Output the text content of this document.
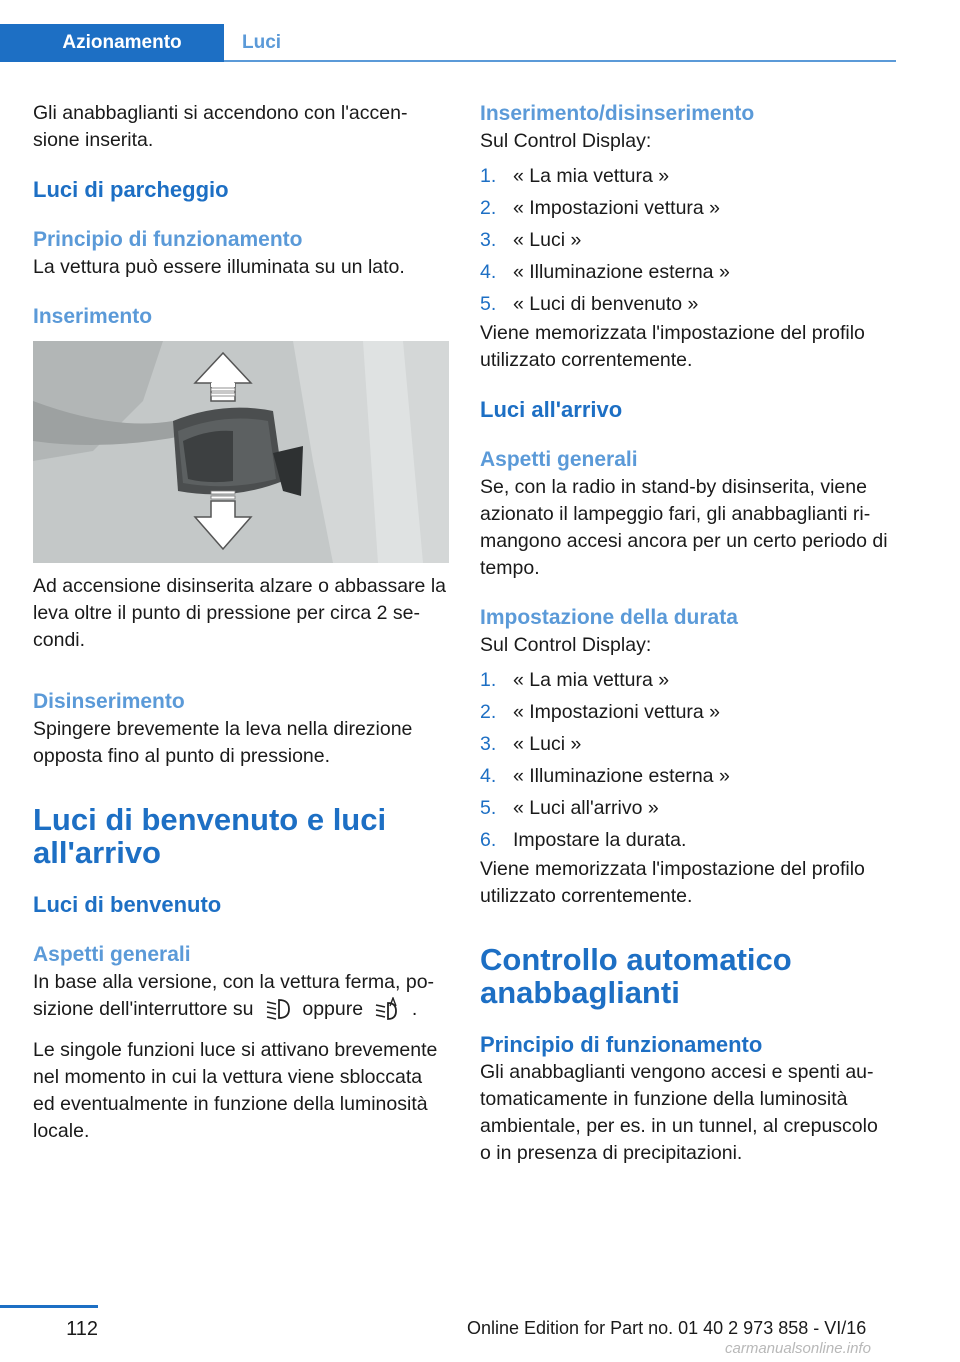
Azionamento	Luci

Gli anabbaglianti si accendono con l'accen-

sione inserita.

Luci di parcheggio
Principio di funzionamento

La vettura può essere illuminata su un lato.

Inserimento

Ad accensione disinserita alzare o abbassare la

leva oltre il punto di pressione per circa 2 se-

condi.

Disinserimento

Spingere brevemente la leva nella direzione

opposta fino al punto di pressione.

Luci di benvenuto e luci
all'arrivo
Luci di benvenuto
Aspetti generali

In base alla versione, con la vettura ferma, po-

sizione dell'interruttore su	oppure	.

Le singole funzioni luce si attivano brevemente

nel momento in cui la vettura viene sbloccata

ed eventualmente in funzione della luminosità

locale.

Inserimento/disinserimento

Sul Control Display:

1. « La mia vettura »
2. « Impostazioni vettura »
3. « Luci »
4. « Illuminazione esterna »
5. « Luci di benvenuto »

Viene memorizzata l'impostazione del profilo

utilizzato correntemente.

Luci all'arrivo
Aspetti generali

Se, con la radio in stand-by disinserita, viene

azionato il lampeggio fari, gli anabbaglianti ri-

mangono accesi ancora per un certo periodo di

tempo.

Impostazione della durata

Sul Control Display:

1. « La mia vettura »
2. « Impostazioni vettura »
3. « Luci »
4. « Illuminazione esterna »
5. « Luci all'arrivo »
6. Impostare la durata.

Viene memorizzata l'impostazione del profilo

utilizzato correntemente.

Controllo automatico
anabbaglianti
Principio di funzionamento

Gli anabbaglianti vengono accesi e spenti au-

tomaticamente in funzione della luminosità

ambientale, per es. in un tunnel, al crepuscolo

o in presenza di precipitazioni.

112	Online Edition for Part no. 01 40 2 973 858 - VI/16
carmanualsonline.info
